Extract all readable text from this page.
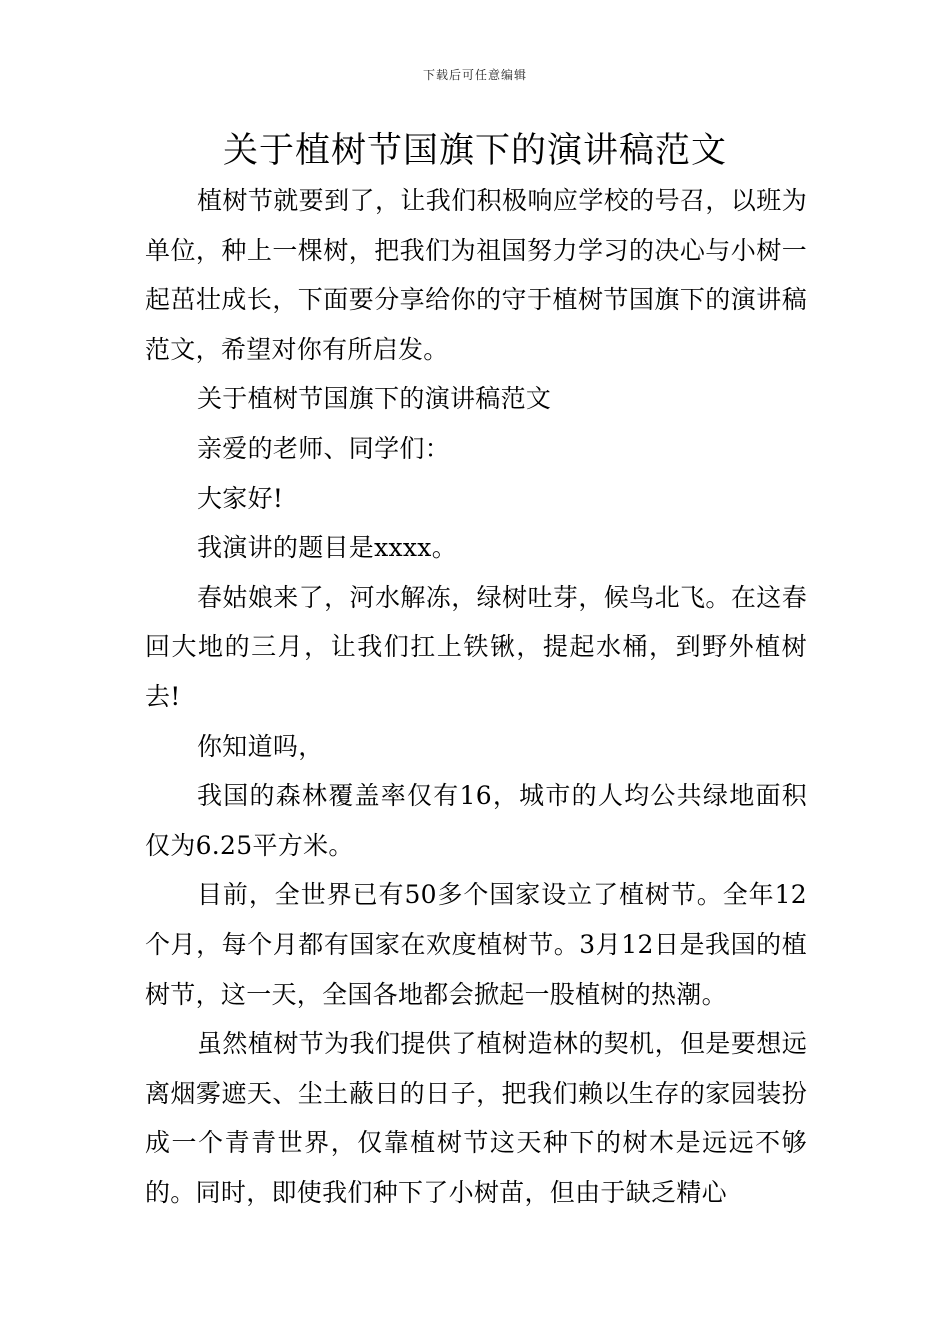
下载后可任意编辑
关于植树节国旗下的演讲稿范文

植树节就要到了，让我们积极响应学校的号召，以班为单位，种上一棵树，把我们为祖国努力学习的决心与小树一起茁壮成长，下面要分享给你的守于植树节国旗下的演讲稿范文，希望对你有所启发。

关于植树节国旗下的演讲稿范文

亲爱的老师、同学们：

大家好!

我演讲的题目是xxxx。

春姑娘来了，河水解冻，绿树吐芽，候鸟北飞。在这春回大地的三月，让我们扛上铁锹，提起水桶，到野外植树去!

你知道吗，

我国的森林覆盖率仅有16，城市的人均公共绿地面积仅为6.25平方米。

目前，全世界已有50多个国家设立了植树节。全年12个月，每个月都有国家在欢度植树节。3月12日是我国的植树节，这一天，全国各地都会掀起一股植树的热潮。

虽然植树节为我们提供了植树造林的契机，但是要想远离烟雾遮天、尘土蔽日的日子，把我们赖以生存的家园装扮成一个青青世界，仅靠植树节这天种下的树木是远远不够的。同时，即使我们种下了小树苗，但由于缺乏精心
